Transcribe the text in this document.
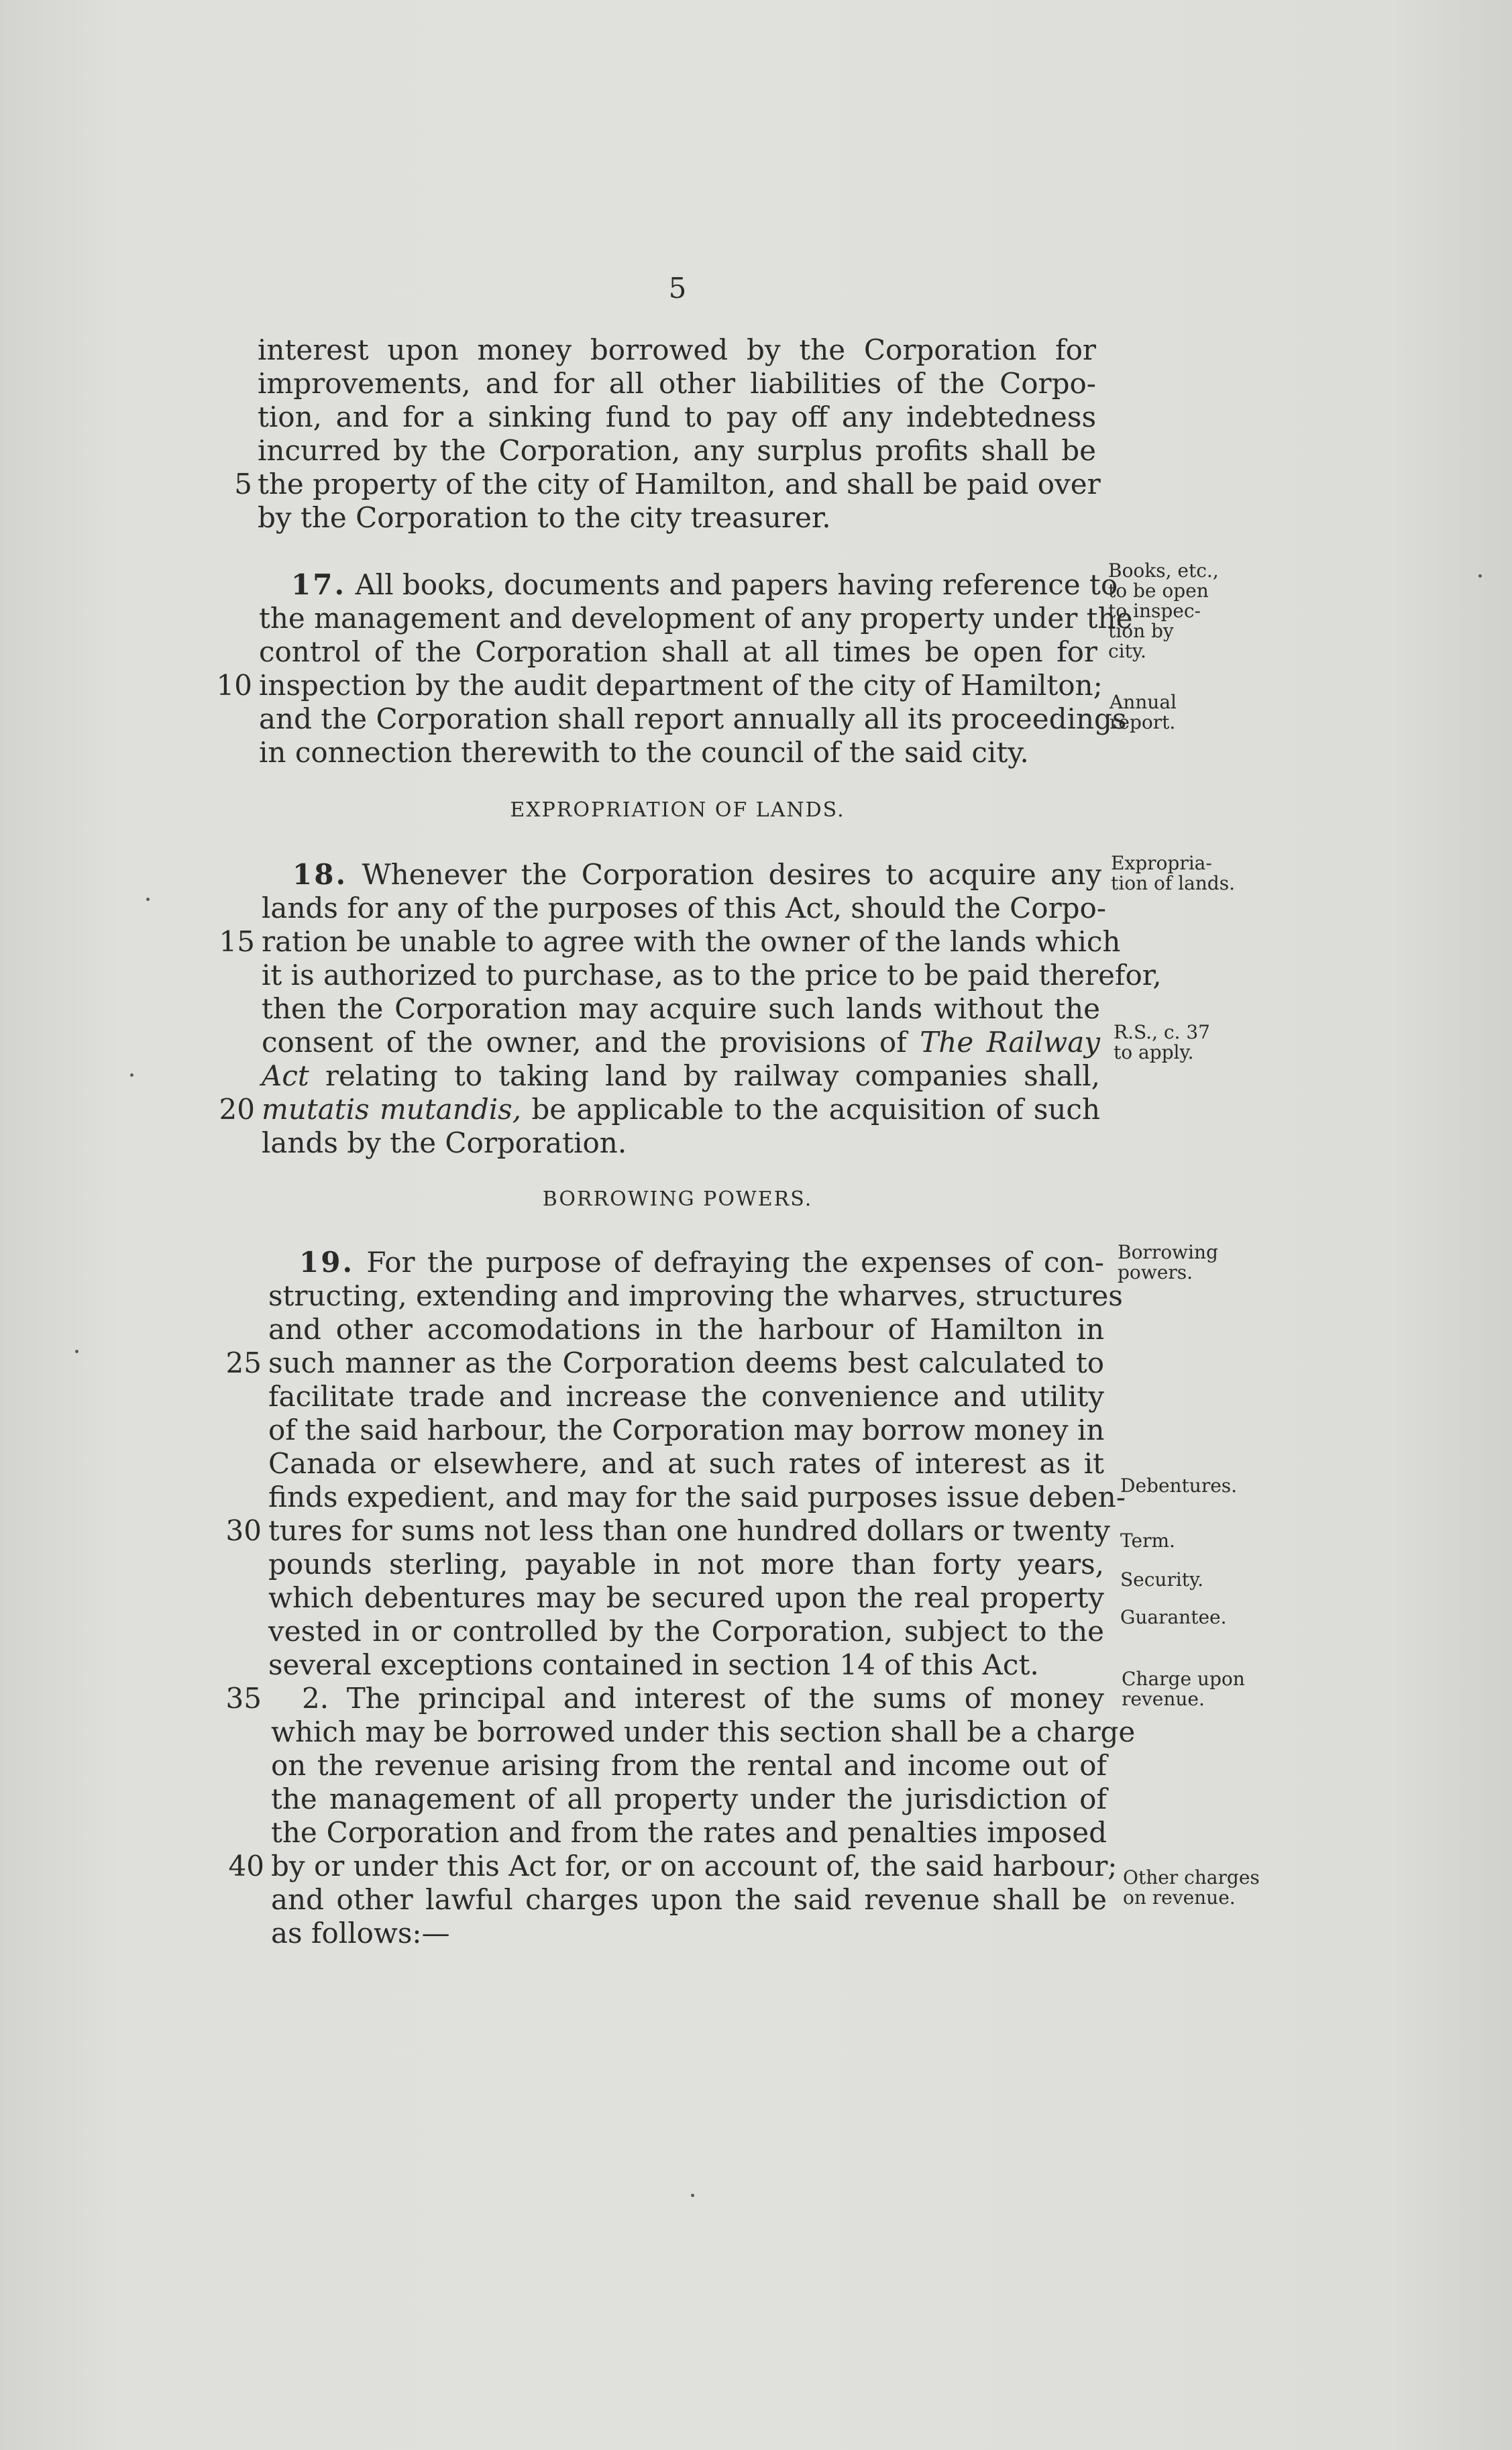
5
interest upon money borrowed by the Corporation for
improvements, and for all other liabilities of the Corpo-
tion, and for a sinking fund to pay off any indebtedness
incurred by the Corporation, any surplus profits shall be
5 the property of the city of Hamilton, and shall be paid over
by the Corporation to the city treasurer.
17. All books, documents and papers having reference to
the management and development of any property under the
control of the Corporation shall at all times be open for
10 inspection by the audit department of the city of Hamilton;
and the Corporation shall report annually all its proceedings
in connection therewith to the council of the said city.
Books, etc.,
to be open
to inspec-
tion by
city.
Annual
report.
EXPROPRIATION OF LANDS.
18. Whenever the Corporation desires to acquire any
lands for any of the purposes of this Act, should the Corpo-
15 ration be unable to agree with the owner of the lands which
it is authorized to purchase, as to the price to be paid therefor,
then the Corporation may acquire such lands without the
consent of the owner, and the provisions of The Railway
Act relating to taking land by railway companies shall,
20 mutatis mutandis, be applicable to the acquisition of such
lands by the Corporation.
Expropria-
tion of lands.
R.S., c. 37
to apply.
BORROWING POWERS.
19. For the purpose of defraying the expenses of con-
structing, extending and improving the wharves, structures
and other accomodations in the harbour of Hamilton in
25 such manner as the Corporation deems best calculated to
facilitate trade and increase the convenience and utility
of the said harbour, the Corporation may borrow money in
Canada or elsewhere, and at such rates of interest as it
finds expedient, and may for the said purposes issue deben-
30 tures for sums not less than one hundred dollars or twenty
pounds sterling, payable in not more than forty years,
which debentures may be secured upon the real property
vested in or controlled by the Corporation, subject to the
several exceptions contained in section 14 of this Act.
35 2. The principal and interest of the sums of money
which may be borrowed under this section shall be a charge
on the revenue arising from the rental and income out of
the management of all property under the jurisdiction of
the Corporation and from the rates and penalties imposed
40 by or under this Act for, or on account of, the said harbour;
and other lawful charges upon the said revenue shall be
as follows:—
Borrowing
powers.
Debentures.
Term.
Security.
Guarantee.
Charge upon
revenue.
Other charges
on revenue.
